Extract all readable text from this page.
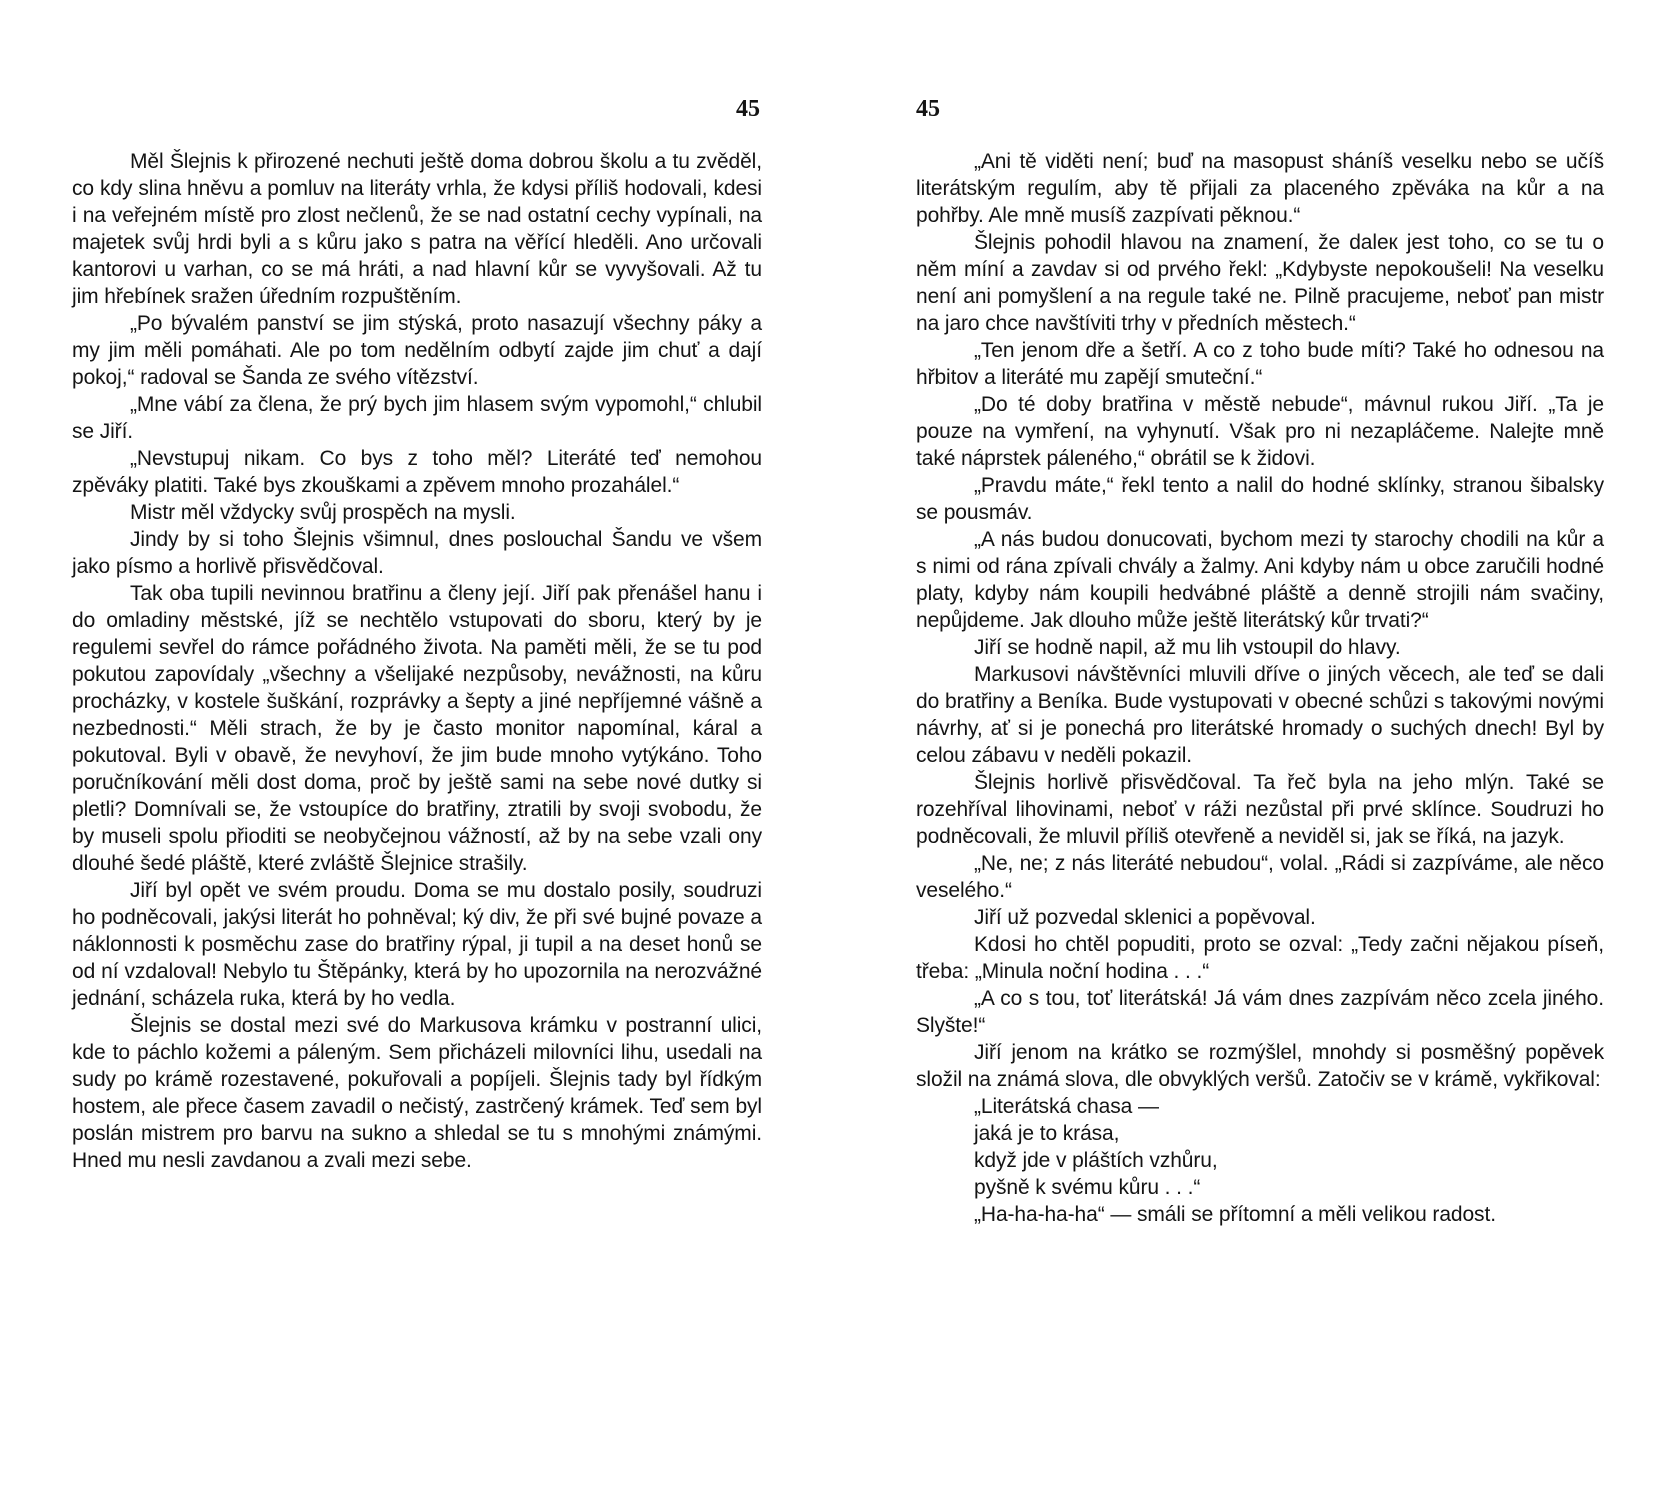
45

Měl Šlejnis k přirozené nechuti ještě doma dobrou školu a tu zvěděl, co kdy slina hněvu a pomluv na literáty vrhla, že kdysi příliš hodovali, kdesi i na veřejném místě pro zlost nečlenů, že se nad ostatní cechy vypínali, na majetek svůj hrdi byli a s kůru jako s patra na věřící hleděli. Ano určovali kantorovi u varhan, co se má hráti, a nad hlavní kůr se vyvyšovali. Až tu jim hřebínek sražen úředním rozpuštěním.

„Po bývalém panství se jim stýská, proto nasazují všechny páky a my jim měli pomáhati. Ale po tom nedělním odbytí zajde jim chuť a dají pokoj,“ radoval se Šanda ze svého vítězství.

„Mne vábí za člena, že prý bych jim hlasem svým vypomohl,“ chlubil se Jiří.

„Nevstupuj nikam. Co bys z toho měl? Literáté teď nemohou zpěváky platiti. Také bys zkouškami a zpěvem mnoho prozahálel.“

Mistr měl vždycky svůj prospěch na mysli.

Jindy by si toho Šlejnis všimnul, dnes poslouchal Šandu ve všem jako písmo a horlivě přisvědčoval.

Tak oba tupili nevinnou bratřinu a členy její. Jiří pak přenášel hanu i do omladiny městské, jíž se nechtělo vstupovati do sboru, který by je regulemi sevřel do rámce pořádného života. Na paměti měli, že se tu pod pokutou zapovídaly „všechny a všelijaké nezpůsoby, nevážnosti, na kůru procházky, v kostele šuškání, rozprávky a šepty a jiné nepříjemné vášně a nezbednosti.“ Měli strach, že by je často monitor napomínal, káral a pokutoval. Byli v obavě, že nevyhoví, že jim bude mnoho vytýkáno. Toho poručníkování měli dost doma, proč by ještě sami na sebe nové dutky si pletli? Domnívali se, že vstoupíce do bratřiny, ztratili by svoji svobodu, že by museli spolu přioditi se neobyčejnou vážností, až by na sebe vzali ony dlouhé šedé pláště, které zvláště Šlejnice strašily.

Jiří byl opět ve svém proudu. Doma se mu dostalo posily, soudruzi ho podněcovali, jakýsi literát ho pohněval; ký div, že při své bujné povaze a náklonnosti k posměchu zase do bratřiny rýpal, ji tupil a na deset honů se od ní vzdaloval! Nebylo tu Štěpánky, která by ho upozornila na nerozvážné jednání, scházela ruka, která by ho vedla.

Šlejnis se dostal mezi své do Markusova krámku v postranní ulici, kde to páchlo kožemi a páleným. Sem přicházeli milovníci lihu, usedali na sudy po krámě rozestavené, pokuřovali a popíjeli. Šlejnis tady byl řídkým hostem, ale přece časem zavadil o nečistý, zastrčený krámek. Teď sem byl poslán mistrem pro barvu na sukno a shledal se tu s mnohými známými. Hned mu nesli zavdanou a zvali mezi sebe.

45

„Ani tě viděti není; buď na masopust sháníš veselku nebo se učíš literátským regulím, aby tě přijali za placeného zpěváka na kůr a na pohřby. Ale mně musíš zazpívati pěknou.“

Šlejnis pohodil hlavou na znamení, že daleк jest toho, co se tu o něm míní a zavdav si od prvého řekl: „Kdybyste nepokoušeli! Na veselku není ani pomyšlení a na regule také ne. Pilně pracujeme, neboť pan mistr na jaro chce navštíviti trhy v předních městech.“

„Ten jenom dře a šetří. A co z toho bude míti? Také ho odnesou na hřbitov a literáté mu zapějí smuteční.“

„Do té doby bratřina v městě nebude“, mávnul rukou Jiří. „Ta je pouze na vymření, na vyhynutí. Však pro ni nezapláčeme. Nalejte mně také náprstek páleného,“ obrátil se k židovi.

„Pravdu máte,“ řekl tento a nalil do hodné sklínky, stranou šibalsky se pousmáv.

„A nás budou donucovati, bychom mezi ty starochy chodili na kůr a s nimi od rána zpívali chvály a žalmy. Ani kdyby nám u obce zaručili hodné platy, kdyby nám koupili hedvábné pláště a denně strojili nám svačiny, nepůjdeme. Jak dlouho může ještě literátský kůr trvati?“

Jiří se hodně napil, až mu lih vstoupil do hlavy.

Markusovi návštěvníci mluvili dříve o jiných věcech, ale teď se dali do bratřiny a Beníka. Bude vystupovati v obecné schůzi s takovými novými návrhy, ať si je ponechá pro literátské hromady o suchých dnech! Byl by celou zábavu v neděli pokazil.

Šlejnis horlivě přisvědčoval. Ta řeč byla na jeho mlýn. Také se rozehříval lihovinami, neboť v ráži nezůstal při prvé sklínce. Soudruzi ho podněcovali, že mluvil příliš otevřeně a neviděl si, jak se říká, na jazyk.

„Ne, ne; z nás literáté nebudou“, volal. „Rádi si zazpíváme, ale něco veselého.“

Jiří už pozvedal sklenici a popěvoval.

Kdosi ho chtěl popuditi, proto se ozval: „Tedy začni nějakou píseň, třeba: „Minula noční hodina . . .“

„A co s tou, toť literátská! Já vám dnes zazpívám něco zcela jiného. Slyšte!“

Jiří jenom na krátko se rozmýšlel, mnohdy si posměšný popěvek složil na známá slova, dle obvyklých veršů. Zatočiv se v krámě, vykřikoval:

„Literátská chasa —
jaká je to krása,
když jde v pláštích vzhůru,
pyšně k svému kůru . . .“

„Ha-ha-ha-ha“ — smáli se přítomní a měli velikou radost.
